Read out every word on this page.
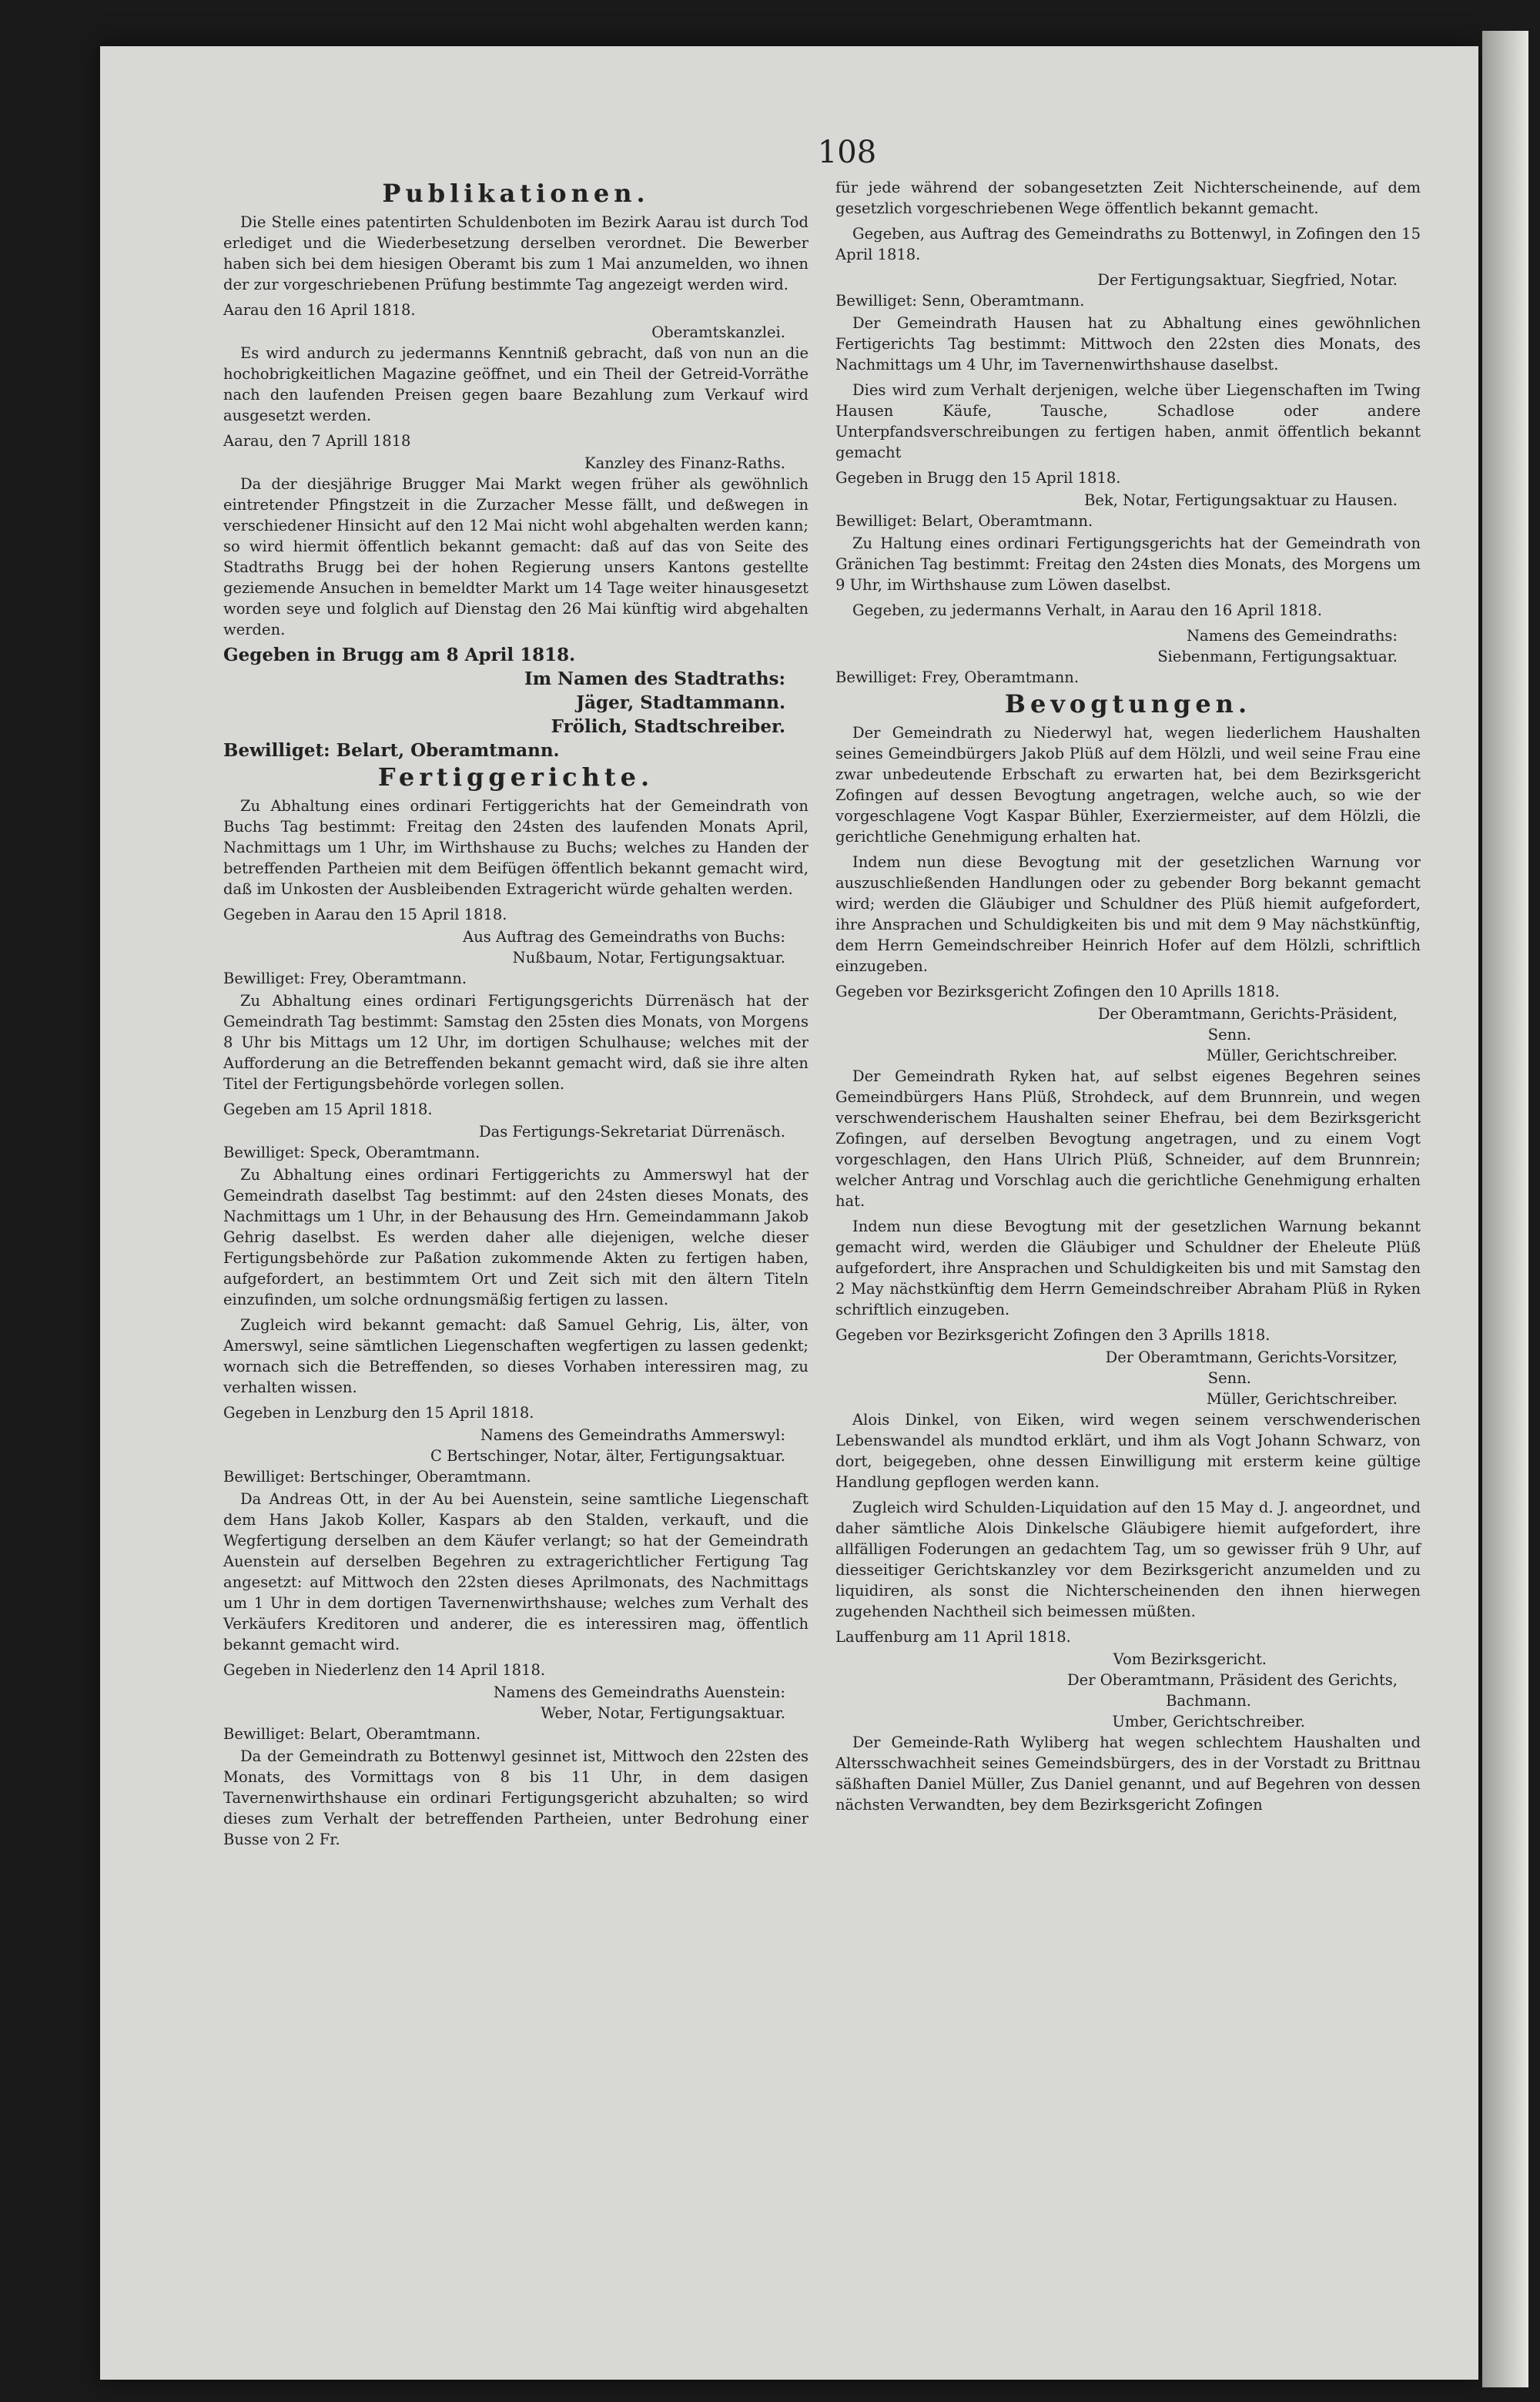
108

Publikationen.

Die Stelle eines patentirten Schuldenboten im Bezirk Aarau ist durch Tod erlediget und die Wiederbesetzung derselben verordnet. Die Bewerber haben sich bei dem hiesigen Oberamt bis zum 1 Mai anzumelden, wo ihnen der zur vorgeschriebenen Prüfung bestimmte Tag angezeigt werden wird.

Aarau den 16 April 1818.

Oberamtskanzlei.

Es wird andurch zu jedermanns Kenntniß gebracht, daß von nun an die hochobrigkeitlichen Magazine geöffnet, und ein Theil der Getreid-Vorräthe nach den laufenden Preisen gegen baare Bezahlung zum Verkauf wird ausgesetzt werden.

Aarau, den 7 Aprill 1818

Kanzley des Finanz-Raths.

Da der diesjährige Brugger Mai Markt wegen früher als gewöhnlich eintretender Pfingstzeit in die Zurzacher Messe fällt, und deßwegen in verschiedener Hinsicht auf den 12 Mai nicht wohl abgehalten werden kann; so wird hiermit öffentlich bekannt gemacht: daß auf das von Seite des Stadtraths Brugg bei der hohen Regierung unsers Kantons gestellte geziemende Ansuchen in bemeldter Markt um 14 Tage weiter hinausgesetzt worden seye und folglich auf Dienstag den 26 Mai künftig wird abgehalten werden.

Gegeben in Brugg am 8 April 1818.

Im Namen des Stadtraths:

Jäger, Stadtammann.

Frölich, Stadtschreiber.

Bewilliget: Belart, Oberamtmann.

Fertiggerichte.

Zu Abhaltung eines ordinari Fertiggerichts hat der Gemeindrath von Buchs Tag bestimmt: Freitag den 24sten des laufenden Monats April, Nachmittags um 1 Uhr, im Wirthshause zu Buchs; welches zu Handen der betreffenden Partheien mit dem Beifügen öffentlich bekannt gemacht wird, daß im Unkosten der Ausbleibenden Extragericht würde gehalten werden.

Gegeben in Aarau den 15 April 1818.

Aus Auftrag des Gemeindraths von Buchs:

Nußbaum, Notar, Fertigungsaktuar.

Bewilliget: Frey, Oberamtmann.

Zu Abhaltung eines ordinari Fertigungsgerichts Dürrenäsch hat der Gemeindrath Tag bestimmt: Samstag den 25sten dies Monats, von Morgens 8 Uhr bis Mittags um 12 Uhr, im dortigen Schulhause; welches mit der Aufforderung an die Betreffenden bekannt gemacht wird, daß sie ihre alten Titel der Fertigungsbehörde vorlegen sollen.

Gegeben am 15 April 1818.

Das Fertigungs-Sekretariat Dürrenäsch.

Bewilliget: Speck, Oberamtmann.

Zu Abhaltung eines ordinari Fertiggerichts zu Ammerswyl hat der Gemeindrath daselbst Tag bestimmt: auf den 24sten dieses Monats, des Nachmittags um 1 Uhr, in der Behausung des Hrn. Gemeindammann Jakob Gehrig daselbst. Es werden daher alle diejenigen, welche dieser Fertigungsbehörde zur Paßation zukommende Akten zu fertigen haben, aufgefordert, an bestimmtem Ort und Zeit sich mit den ältern Titeln einzufinden, um solche ordnungsmäßig fertigen zu lassen.

Zugleich wird bekannt gemacht: daß Samuel Gehrig, Lis, älter, von Amerswyl, seine sämtlichen Liegenschaften wegfertigen zu lassen gedenkt; wornach sich die Betreffenden, so dieses Vorhaben interessiren mag, zu verhalten wissen.

Gegeben in Lenzburg den 15 April 1818.

Namens des Gemeindraths Ammerswyl:

C Bertschinger, Notar, älter, Fertigungsaktuar.

Bewilliget: Bertschinger, Oberamtmann.

Da Andreas Ott, in der Au bei Auenstein, seine samtliche Liegenschaft dem Hans Jakob Koller, Kaspars ab den Stalden, verkauft, und die Wegfertigung derselben an dem Käufer verlangt; so hat der Gemeindrath Auenstein auf derselben Begehren zu extragerichtlicher Fertigung Tag angesetzt: auf Mittwoch den 22sten dieses Aprilmonats, des Nachmittags um 1 Uhr in dem dortigen Tavernenwirthshause; welches zum Verhalt des Verkäufers Kreditoren und anderer, die es interessiren mag, öffentlich bekannt gemacht wird.

Gegeben in Niederlenz den 14 April 1818.

Namens des Gemeindraths Auenstein:

Weber, Notar, Fertigungsaktuar.

Bewilliget: Belart, Oberamtmann.

Da der Gemeindrath zu Bottenwyl gesinnet ist, Mittwoch den 22sten des Monats, des Vormittags von 8 bis 11 Uhr, in dem dasigen Tavernenwirthshause ein ordinari Fertigungsgericht abzuhalten; so wird dieses zum Verhalt der betreffenden Partheien, unter Bedrohung einer Busse von 2 Fr.

für jede während der sobangesetzten Zeit Nichterscheinende, auf dem gesetzlich vorgeschriebenen Wege öffentlich bekannt gemacht.

Gegeben, aus Auftrag des Gemeindraths zu Bottenwyl, in Zofingen den 15 April 1818.

Der Fertigungsaktuar, Siegfried, Notar.

Bewilliget: Senn, Oberamtmann.

Der Gemeindrath Hausen hat zu Abhaltung eines gewöhnlichen Fertigerichts Tag bestimmt: Mittwoch den 22sten dies Monats, des Nachmittags um 4 Uhr, im Tavernenwirthshause daselbst.

Dies wird zum Verhalt derjenigen, welche über Liegenschaften im Twing Hausen Käufe, Tausche, Schadlose oder andere Unterpfandsverschreibungen zu fertigen haben, anmit öffentlich bekannt gemacht

Gegeben in Brugg den 15 April 1818.

Bek, Notar, Fertigungsaktuar zu Hausen.

Bewilliget: Belart, Oberamtmann.

Zu Haltung eines ordinari Fertigungsgerichts hat der Gemeindrath von Gränichen Tag bestimmt: Freitag den 24sten dies Monats, des Morgens um 9 Uhr, im Wirthshause zum Löwen daselbst.

Gegeben, zu jedermanns Verhalt, in Aarau den 16 April 1818.

Namens des Gemeindraths:

Siebenmann, Fertigungsaktuar.

Bewilliget: Frey, Oberamtmann.

Bevogtungen.

Der Gemeindrath zu Niederwyl hat, wegen liederlichem Haushalten seines Gemeindbürgers Jakob Plüß auf dem Hölzli, und weil seine Frau eine zwar unbedeutende Erbschaft zu erwarten hat, bei dem Bezirksgericht Zofingen auf dessen Bevogtung angetragen, welche auch, so wie der vorgeschlagene Vogt Kaspar Bühler, Exerziermeister, auf dem Hölzli, die gerichtliche Genehmigung erhalten hat.

Indem nun diese Bevogtung mit der gesetzlichen Warnung vor auszuschließenden Handlungen oder zu gebender Borg bekannt gemacht wird; werden die Gläubiger und Schuldner des Plüß hiemit aufgefordert, ihre Ansprachen und Schuldigkeiten bis und mit dem 9 May nächstkünftig, dem Herrn Gemeindschreiber Heinrich Hofer auf dem Hölzli, schriftlich einzugeben.

Gegeben vor Bezirksgericht Zofingen den 10 Aprills 1818.

Der Oberamtmann, Gerichts-Präsident,

Senn.

Müller, Gerichtschreiber.

Der Gemeindrath Ryken hat, auf selbst eigenes Begehren seines Gemeindbürgers Hans Plüß, Strohdeck, auf dem Brunnrein, und wegen verschwenderischem Haushalten seiner Ehefrau, bei dem Bezirksgericht Zofingen, auf derselben Bevogtung angetragen, und zu einem Vogt vorgeschlagen, den Hans Ulrich Plüß, Schneider, auf dem Brunnrein; welcher Antrag und Vorschlag auch die gerichtliche Genehmigung erhalten hat.

Indem nun diese Bevogtung mit der gesetzlichen Warnung bekannt gemacht wird, werden die Gläubiger und Schuldner der Eheleute Plüß aufgefordert, ihre Ansprachen und Schuldigkeiten bis und mit Samstag den 2 May nächstkünftig dem Herrn Gemeindschreiber Abraham Plüß in Ryken schriftlich einzugeben.

Gegeben vor Bezirksgericht Zofingen den 3 Aprills 1818.

Der Oberamtmann, Gerichts-Vorsitzer,

Senn.

Müller, Gerichtschreiber.

Alois Dinkel, von Eiken, wird wegen seinem verschwenderischen Lebenswandel als mundtod erklärt, und ihm als Vogt Johann Schwarz, von dort, beigegeben, ohne dessen Einwilligung mit ersterm keine gültige Handlung gepflogen werden kann.

Zugleich wird Schulden-Liquidation auf den 15 May d. J. angeordnet, und daher sämtliche Alois Dinkelsche Gläubigere hiemit aufgefordert, ihre allfälligen Foderungen an gedachtem Tag, um so gewisser früh 9 Uhr, auf diesseitiger Gerichtskanzley vor dem Bezirksgericht anzumelden und zu liquidiren, als sonst die Nichterscheinenden den ihnen hierwegen zugehenden Nachtheil sich beimessen müßten.

Lauffenburg am 11 April 1818.

Vom Bezirksgericht.

Der Oberamtmann, Präsident des Gerichts,

Bachmann.

Umber, Gerichtschreiber.

Der Gemeinde-Rath Wyliberg hat wegen schlechtem Haushalten und Altersschwachheit seines Gemeindsbürgers, des in der Vorstadt zu Brittnau säßhaften Daniel Müller, Zus Daniel genannt, und auf Begehren von dessen nächsten Verwandten, bey dem Bezirksgericht Zofingen
